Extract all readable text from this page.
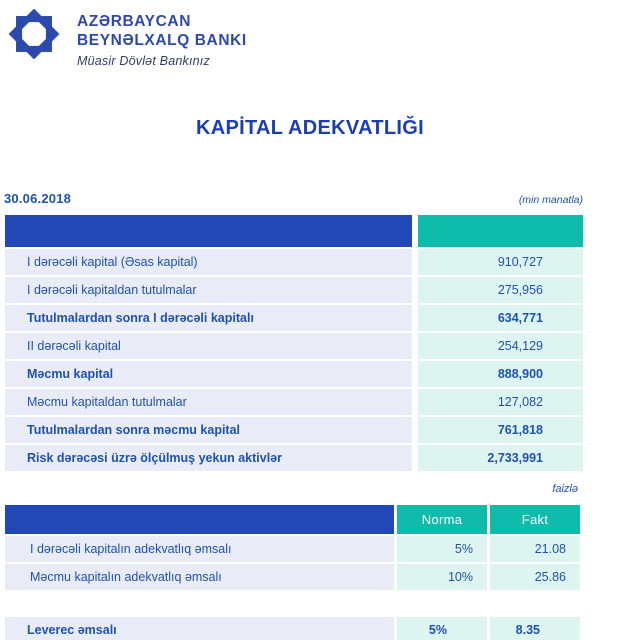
AZƏRBAYCAN
BEYNƏLXALQ BANKI
Müasir Dövlət Bankınız
KAPİTAL ADEKVATLIĞI
30.06.2018	(min manatla)
I dərəcəli kapital (Əsas kapital)	910,727
I dərəcəli kapitaldan tutulmalar	275,956
Tutulmalardan sonra I dərəcəli kapitalı	634,771
II dərəcəli kapital	254,129
Məcmu kapital	888,900
Məcmu kapitaldan tutulmalar	127,082
Tutulmalardan sonra məcmu kapital	761,818
Risk dərəcəsi üzrə ölçülmuş yekun aktivlər	2,733,991
faizlə
Norma	Fakt
I dərəcəli kapitalın adekvatlıq əmsalı	5%	21.08
Məcmu kapitalın adekvatlıq əmsalı	10%	25.86
Leverec əmsalı	5%	8.35
